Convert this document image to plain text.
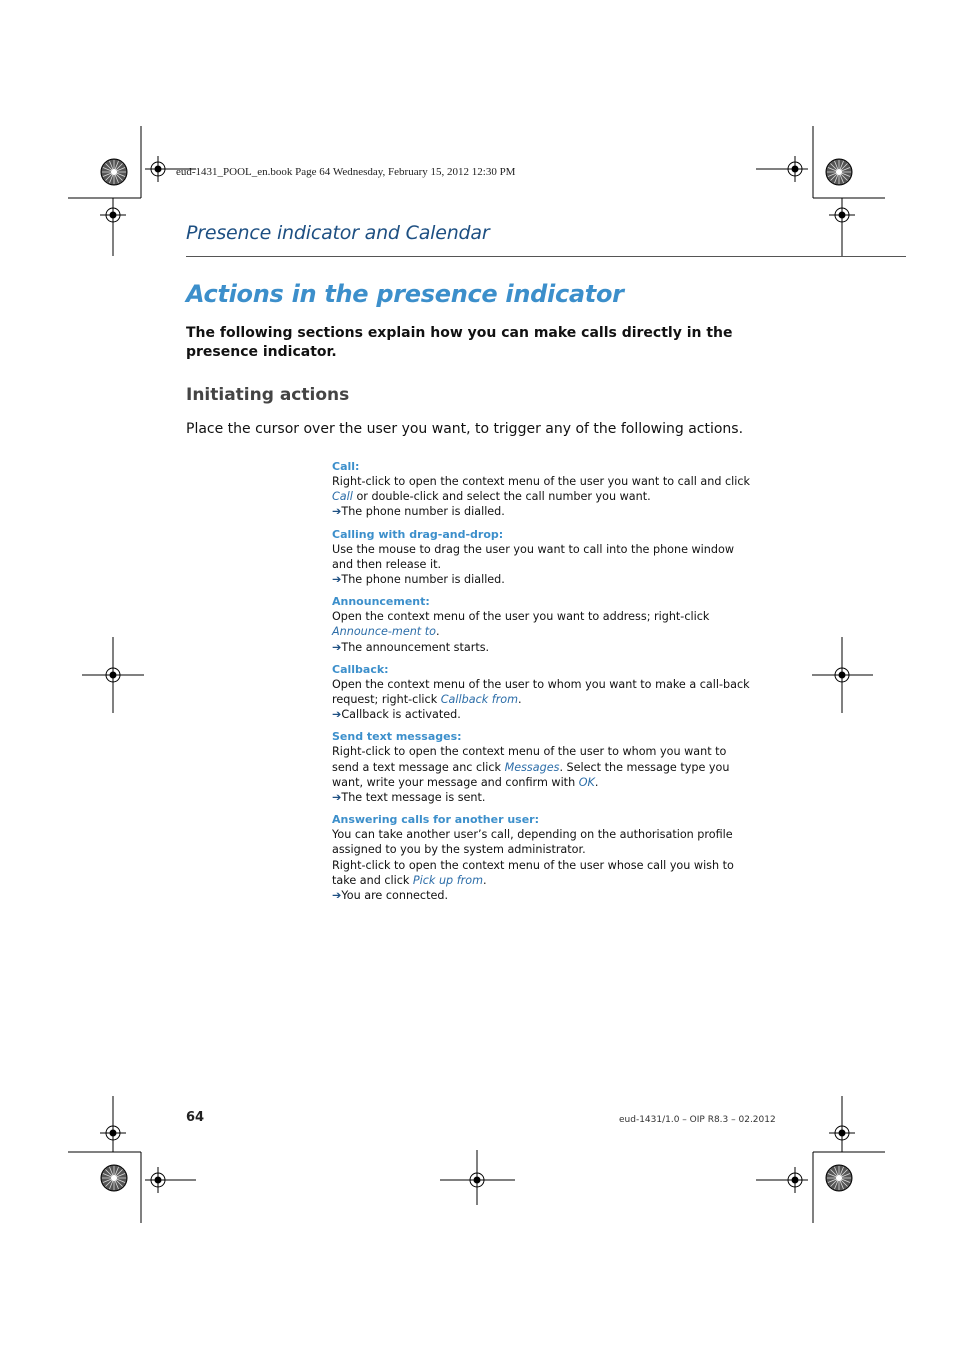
eud-1431_POOL_en.book Page 64 Wednesday, February 15, 2012 12:30 PM
Presence indicator and Calendar
Actions in the presence indicator

The following sections explain how you can make calls directly in the presence indicator.

Initiating actions

Place the cursor over the user you want, to trigger any of the following actions.

Call:

Right-click to open the context menu of the user you want to call and click Call or double-click and select the call number you want.

➔The phone number is dialled.

Calling with drag-and-drop:

Use the mouse to drag the user you want to call into the phone window and then release it.

➔The phone number is dialled.

Announcement:

Open the context menu of the user you want to address; right-click Announce-ment to.

➔The announcement starts.

Callback:

Open the context menu of the user to whom you want to make a call-back request; right-click Callback from.

➔Callback is activated.

Send text messages:

Right-click to open the context menu of the user to whom you want to send a text message anc click Messages. Select the message type you want, write your message and confirm with OK.

➔The text message is sent.

Answering calls for another user:

You can take another user’s call, depending on the authorisation profile assigned to you by the system administrator.

Right-click to open the context menu of the user whose call you wish to take and click Pick up from.

➔You are connected.

64	eud-1431/1.0 – OIP R8.3 – 02.2012
